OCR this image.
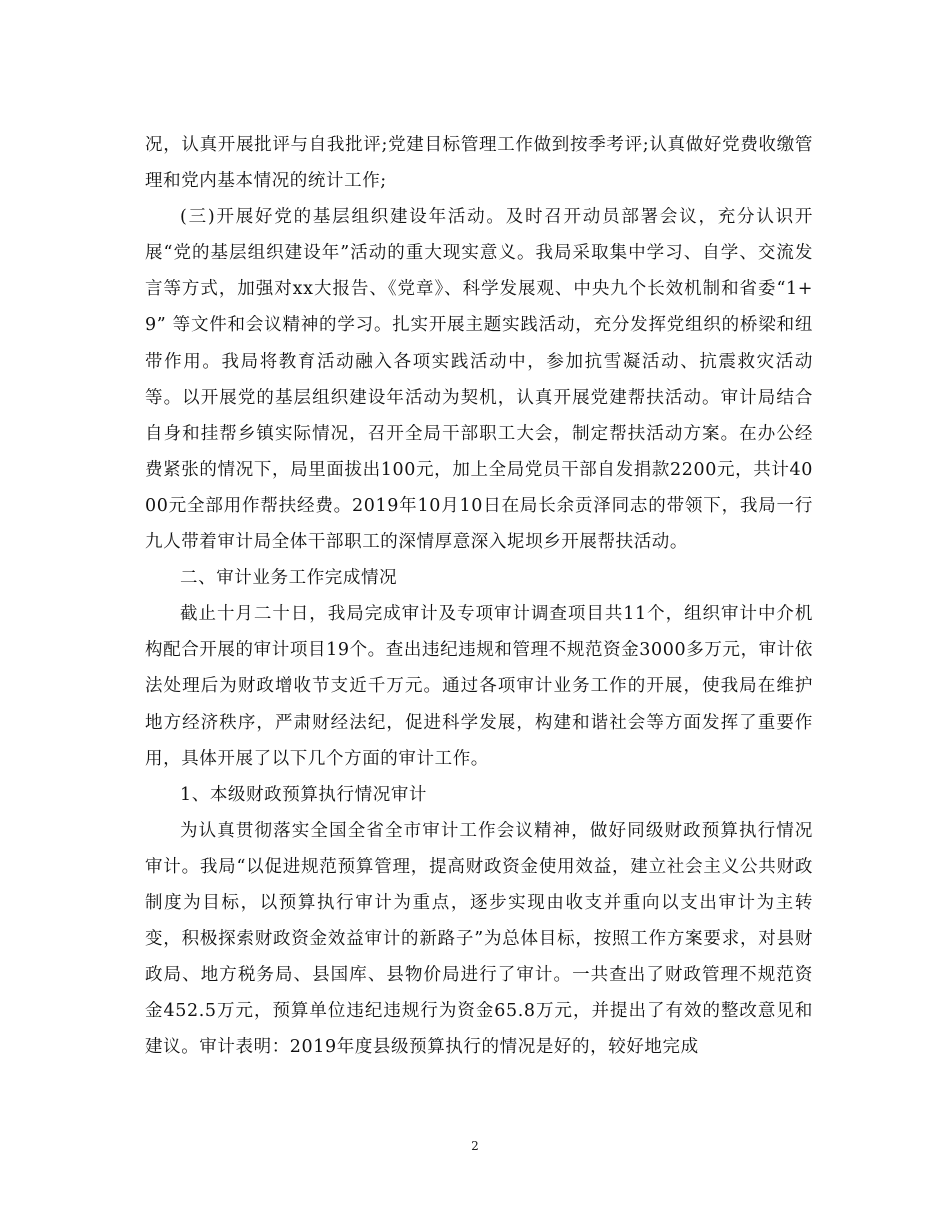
况，认真开展批评与自我批评;党建目标管理工作做到按季考评;认真做好党费收缴管理和党内基本情况的统计工作;

(三)开展好党的基层组织建设年活动。及时召开动员部署会议，充分认识开展“党的基层组织建设年”活动的重大现实意义。我局采取集中学习、自学、交流发言等方式，加强对xx大报告、《党章》、科学发展观、中央九个长效机制和省委“1+9” 等文件和会议精神的学习。扎实开展主题实践活动，充分发挥党组织的桥梁和纽带作用。我局将教育活动融入各项实践活动中，参加抗雪凝活动、抗震救灾活动等。以开展党的基层组织建设年活动为契机，认真开展党建帮扶活动。审计局结合自身和挂帮乡镇实际情况，召开全局干部职工大会，制定帮扶活动方案。在办公经费紧张的情况下，局里面拔出100元，加上全局党员干部自发捐款2200元，共计4000元全部用作帮扶经费。2019年10月10日在局长余贡泽同志的带领下，我局一行九人带着审计局全体干部职工的深情厚意深入坭坝乡开展帮扶活动。

二、审计业务工作完成情况

截止十月二十日，我局完成审计及专项审计调查项目共11个，组织审计中介机构配合开展的审计项目19个。查出违纪违规和管理不规范资金3000多万元，审计依法处理后为财政增收节支近千万元。通过各项审计业务工作的开展，使我局在维护地方经济秩序，严肃财经法纪，促进科学发展，构建和谐社会等方面发挥了重要作用，具体开展了以下几个方面的审计工作。

1、本级财政预算执行情况审计

为认真贯彻落实全国全省全市审计工作会议精神，做好同级财政预算执行情况审计。我局“以促进规范预算管理，提高财政资金使用效益，建立社会主义公共财政制度为目标，以预算执行审计为重点，逐步实现由收支并重向以支出审计为主转变，积极探索财政资金效益审计的新路子”为总体目标，按照工作方案要求，对县财政局、地方税务局、县国库、县物价局进行了审计。一共查出了财政管理不规范资金452.5万元，预算单位违纪违规行为资金65.8万元，并提出了有效的整改意见和建议。审计表明：2019年度县级预算执行的情况是好的，较好地完成

2
